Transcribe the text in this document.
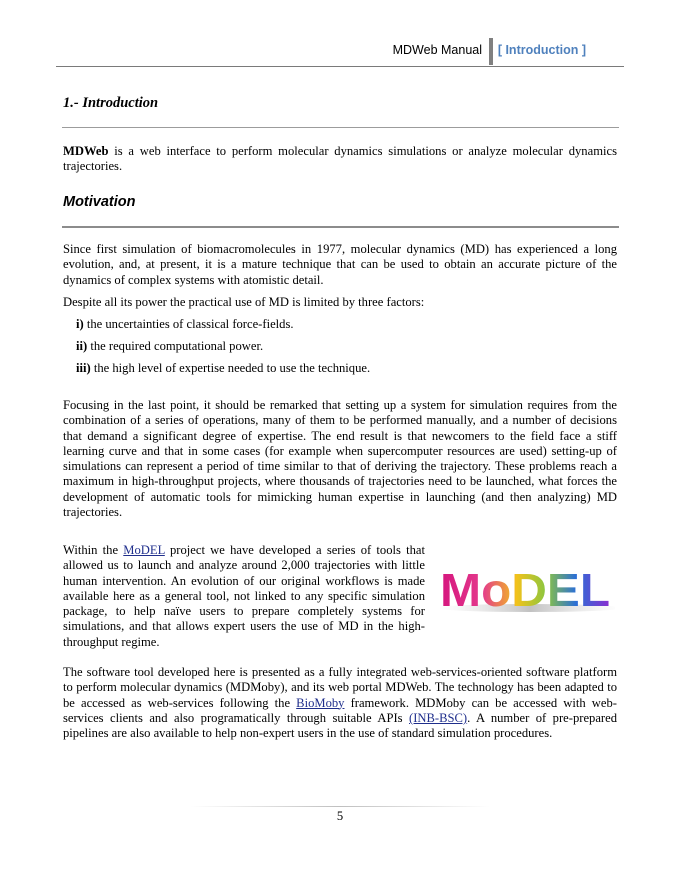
MDWeb Manual [ Introduction ]
1.- Introduction

MDWeb is a web interface to perform molecular dynamics simulations or analyze molecular dynamics trajectories.

Motivation

Since first simulation of biomacromolecules in 1977, molecular dynamics (MD) has experienced a long evolution, and, at present, it is a mature technique that can be used to obtain an accurate picture of the dynamics of complex systems with atomistic detail.

Despite all its power the practical use of MD is limited by three factors:

i) the uncertainties of classical force-fields.
ii) the required computational power.
iii) the high level of expertise needed to use the technique.

Focusing in the last point, it should be remarked that setting up a system for simulation requires from the combination of a series of operations, many of them to be performed manually, and a number of decisions that demand a significant degree of expertise. The end result is that newcomers to the field face a stiff learning curve and that in some cases (for example when supercomputer resources are used) setting-up of simulations can represent a period of time similar to that of deriving the trajectory. These problems reach a maximum in high-throughput projects, where thousands of trajectories need to be launched, what forces the development of automatic tools for mimicking human expertise in launching (and then analyzing) MD trajectories.

Within the MoDEL project we have developed a series of tools that allowed us to launch and analyze around 2,000 trajectories with little human intervention. An evolution of our original workflows is made available here as a general tool, not linked to any specific simulation package, to help naïve users to prepare completely systems for simulations, and that allows expert users the use of MD in the high-throughput regime.

MoDEL

The software tool developed here is presented as a fully integrated web-services-oriented software platform to perform molecular dynamics (MDMoby), and its web portal MDWeb. The technology has been adapted to be accessed as web-services following the BioMoby framework. MDMoby can be accessed with web-services clients and also programatically through suitable APIs (INB-BSC). A number of pre-prepared pipelines are also available to help non-expert users in the use of standard simulation procedures.

5
